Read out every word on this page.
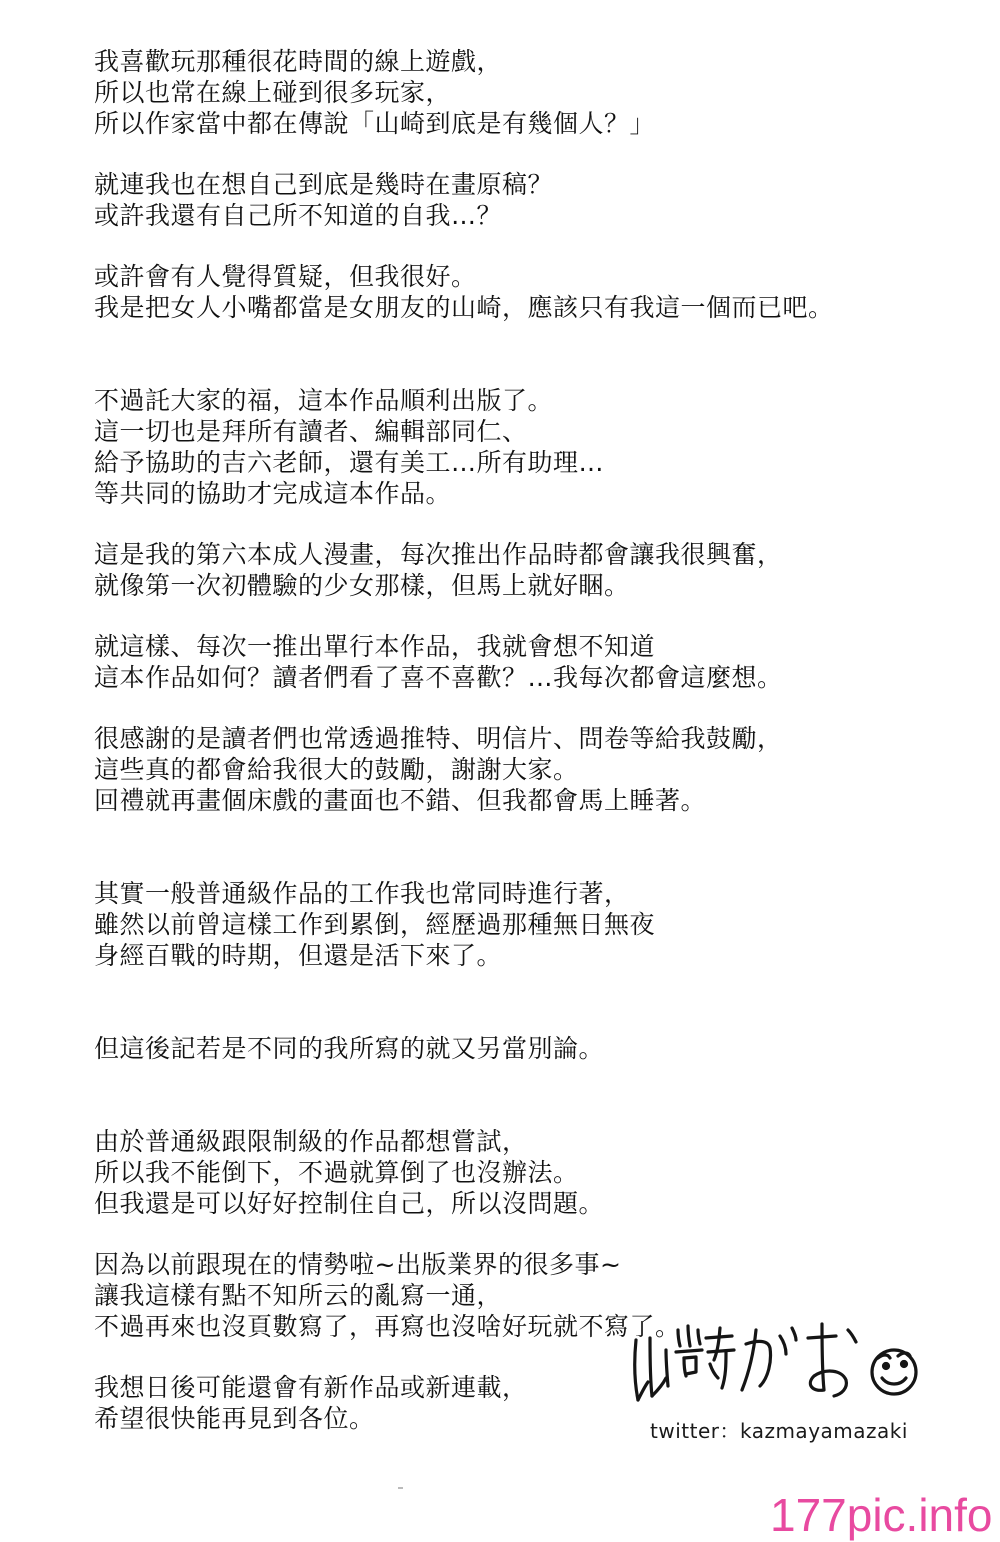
我喜歡玩那種很花時間的線上遊戲，
所以也常在線上碰到很多玩家，
所以作家當中都在傳說「山崎到底是有幾個人？」
就連我也在想自己到底是幾時在畫原稿？
或許我還有自己所不知道的自我…？
或許會有人覺得質疑，但我很好。
我是把女人小嘴都當是女朋友的山崎，應該只有我這一個而已吧。
不過託大家的福，這本作品順利出版了。
這一切也是拜所有讀者、編輯部同仁、
給予協助的吉六老師，還有美工…所有助理…
等共同的協助才完成這本作品。
這是我的第六本成人漫畫，每次推出作品時都會讓我很興奮，
就像第一次初體驗的少女那樣，但馬上就好睏。
就這樣、每次一推出單行本作品，我就會想不知道
這本作品如何？讀者們看了喜不喜歡？…我每次都會這麼想。
很感謝的是讀者們也常透過推特、明信片、問卷等給我鼓勵，
這些真的都會給我很大的鼓勵，謝謝大家。
回禮就再畫個床戲的畫面也不錯、但我都會馬上睡著。
其實一般普通級作品的工作我也常同時進行著，
雖然以前曾這樣工作到累倒，經歷過那種無日無夜
身經百戰的時期，但還是活下來了。
但這後記若是不同的我所寫的就又另當別論。
由於普通級跟限制級的作品都想嘗試，
所以我不能倒下，不過就算倒了也沒辦法。
但我還是可以好好控制住自己，所以沒問題。
因為以前跟現在的情勢啦~出版業界的很多事~
讓我這樣有點不知所云的亂寫一通，
不過再來也沒頁數寫了，再寫也沒啥好玩就不寫了。
我想日後可能還會有新作品或新連載，
希望很快能再見到各位。	twitter：kazmayamazaki
177pic.info
